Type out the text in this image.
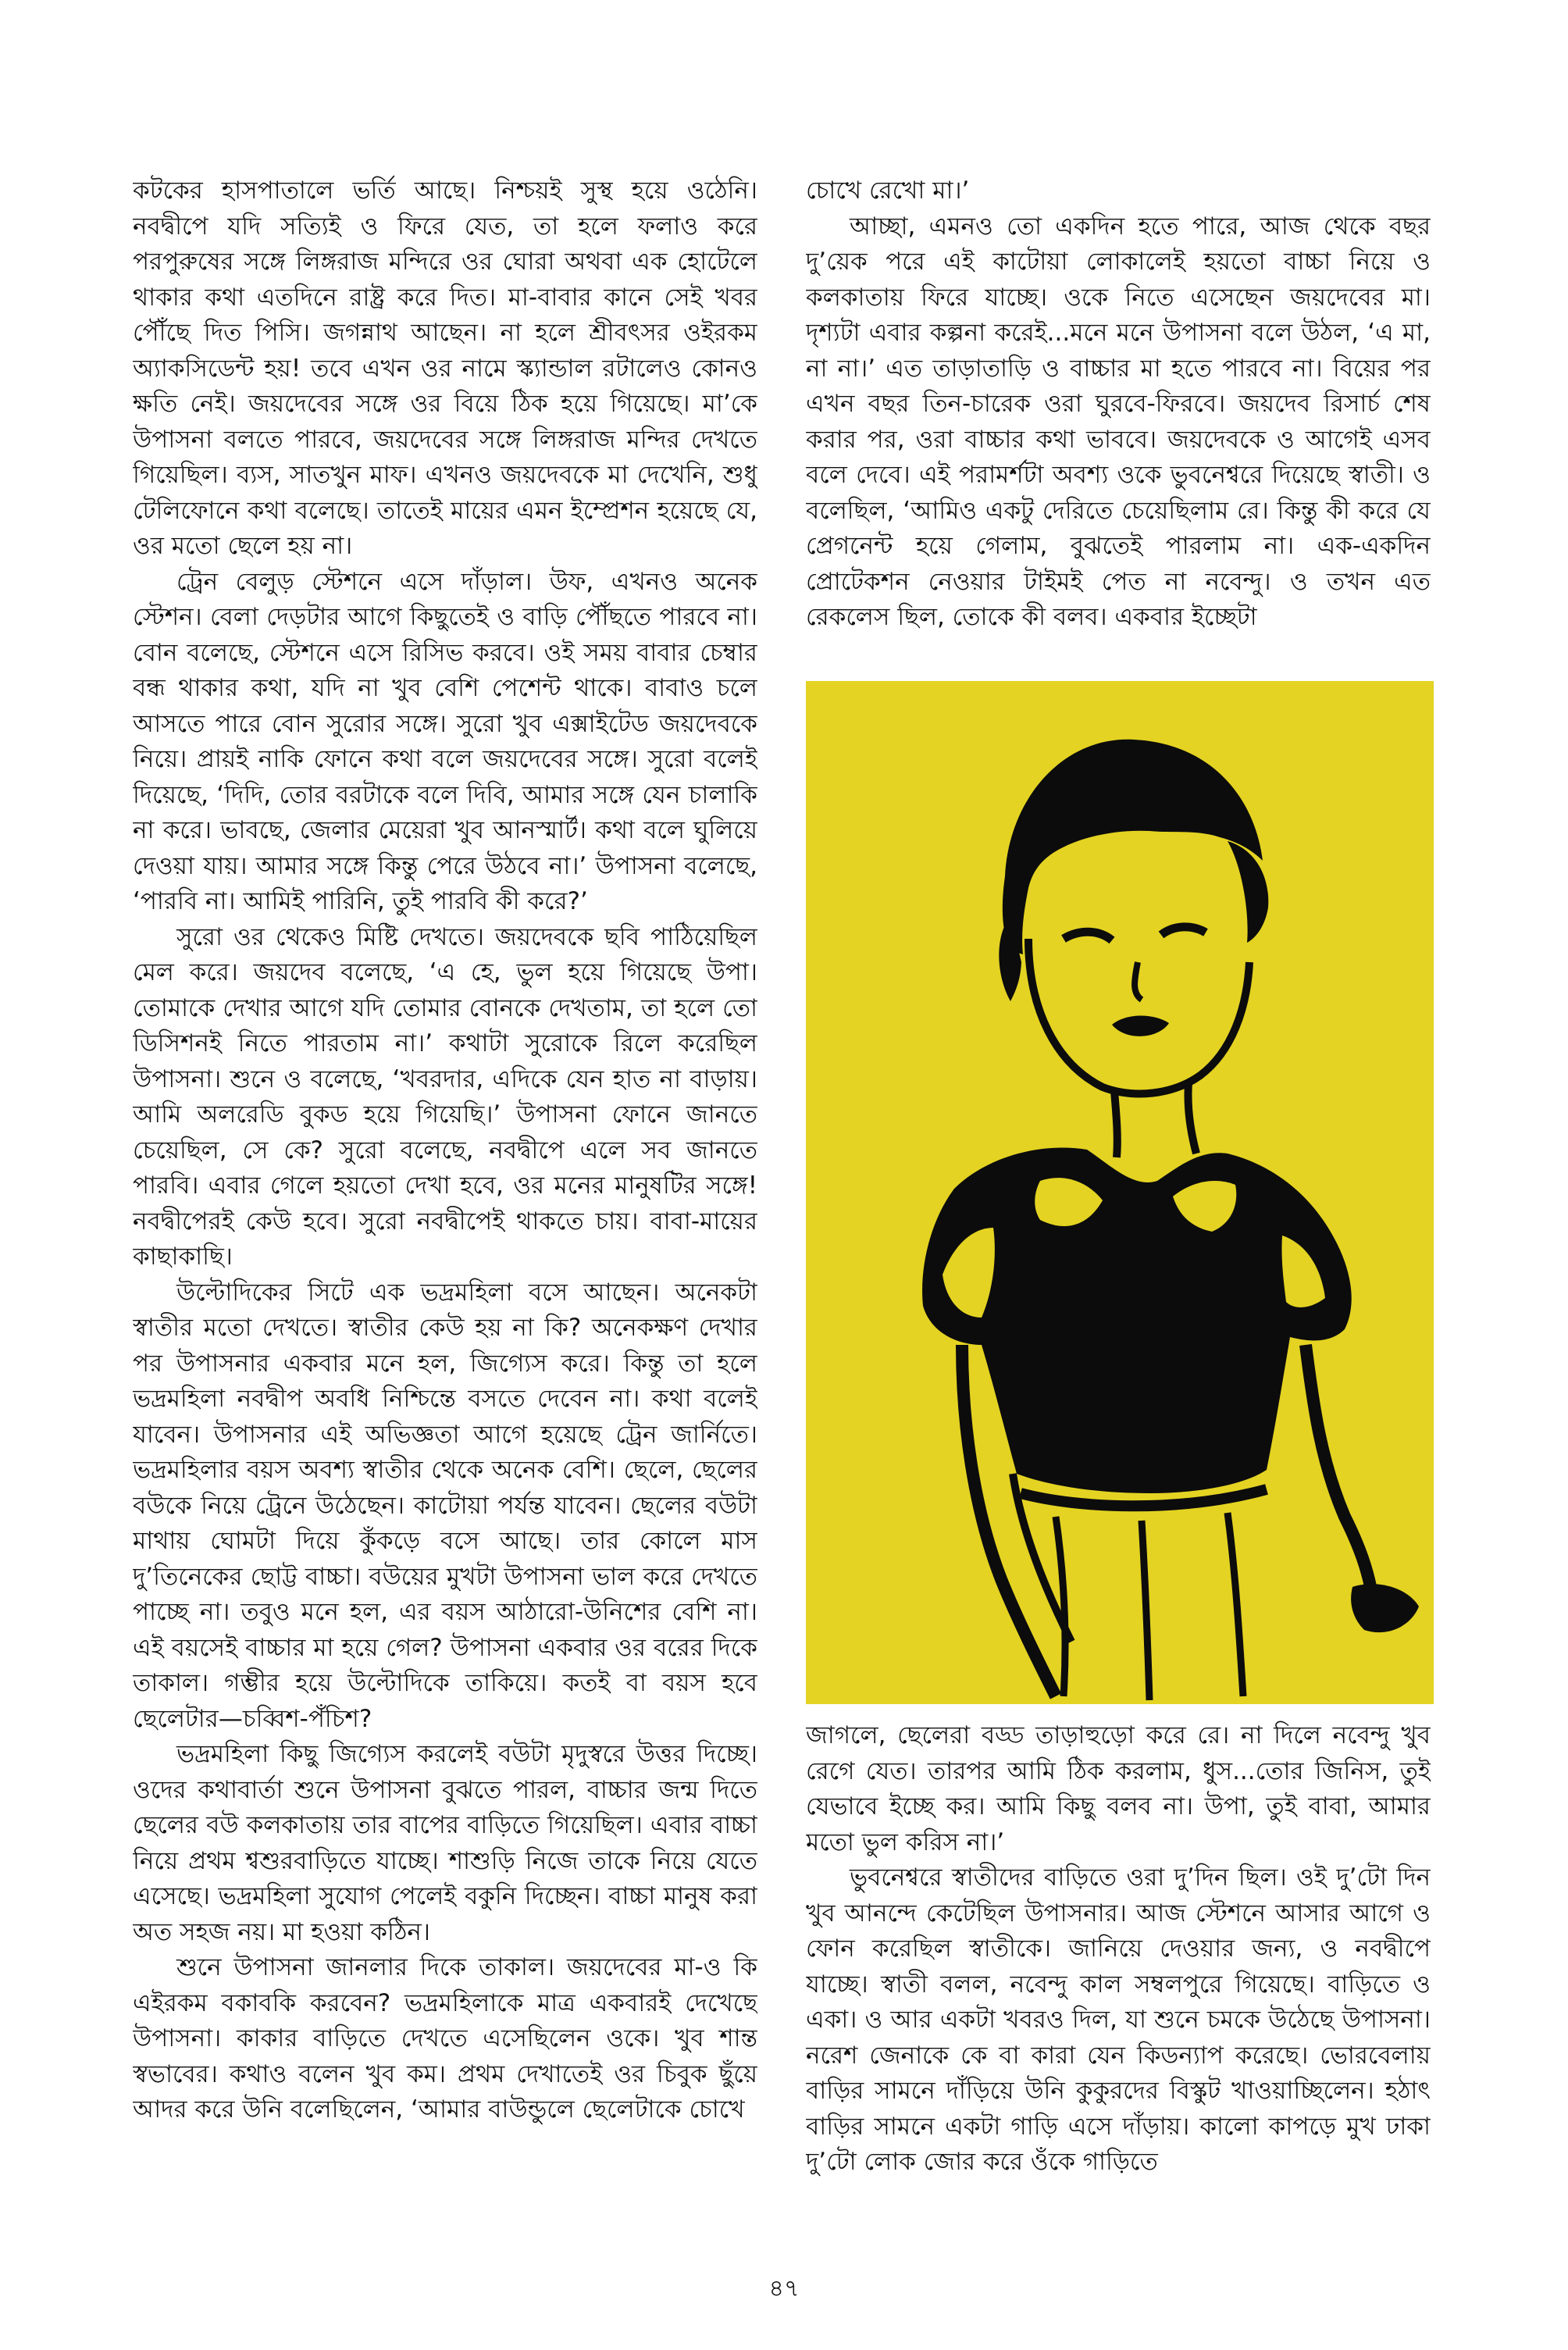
কটকের হাসপাতালে ভর্তি আছে। নিশ্চয়ই সুস্থ হয়ে ওঠেনি। নবদ্বীপে যদি সত্যিই ও ফিরে যেত, তা হলে ফলাও করে পরপুরুষের সঙ্গে লিঙ্গরাজ মন্দিরে ওর ঘোরা অথবা এক হোটেলে থাকার কথা এতদিনে রাষ্ট্র করে দিত। মা-বাবার কানে সেই খবর পৌঁছে দিত পিসি। জগন্নাথ আছেন। না হলে শ্রীবৎসর ওইরকম অ্যাকসিডেন্ট হয়! তবে এখন ওর নামে স্ক্যান্ডাল রটালেও কোনও ক্ষতি নেই। জয়দেবের সঙ্গে ওর বিয়ে ঠিক হয়ে গিয়েছে। মা’কে উপাসনা বলতে পারবে, জয়দেবের সঙ্গে লিঙ্গরাজ মন্দির দেখতে গিয়েছিল। ব্যস, সাতখুন মাফ। এখনও জয়দেবকে মা দেখেনি, শুধু টেলিফোনে কথা বলেছে। তাতেই মায়ের এমন ইম্প্রেশন হয়েছে যে, ওর মতো ছেলে হয় না।

ট্রেন বেলুড় স্টেশনে এসে দাঁড়াল। উফ, এখনও অনেক স্টেশন। বেলা দেড়টার আগে কিছুতেই ও বাড়ি পৌঁছতে পারবে না। বোন বলেছে, স্টেশনে এসে রিসিভ করবে। ওই সময় বাবার চেম্বার বন্ধ থাকার কথা, যদি না খুব বেশি পেশেন্ট থাকে। বাবাও চলে আসতে পারে বোন সুরোর সঙ্গে। সুরো খুব এক্সাইটেড জয়দেবকে নিয়ে। প্রায়ই নাকি ফোনে কথা বলে জয়দেবের সঙ্গে। সুরো বলেই দিয়েছে, ‘দিদি, তোর বরটাকে বলে দিবি, আমার সঙ্গে যেন চালাকি না করে। ভাবছে, জেলার মেয়েরা খুব আনস্মার্ট। কথা বলে ঘুলিয়ে দেওয়া যায়। আমার সঙ্গে কিন্তু পেরে উঠবে না।’ উপাসনা বলেছে, ‘পারবি না। আমিই পারিনি, তুই পারবি কী করে?’

সুরো ওর থেকেও মিষ্টি দেখতে। জয়দেবকে ছবি পাঠিয়েছিল মেল করে। জয়দেব বলেছে, ‘এ হে, ভুল হয়ে গিয়েছে উপা। তোমাকে দেখার আগে যদি তোমার বোনকে দেখতাম, তা হলে তো ডিসিশনই নিতে পারতাম না।’ কথাটা সুরোকে রিলে করেছিল উপাসনা। শুনে ও বলেছে, ‘খবরদার, এদিকে যেন হাত না বাড়ায়। আমি অলরেডি বুকড হয়ে গিয়েছি।’ উপাসনা ফোনে জানতে চেয়েছিল, সে কে? সুরো বলেছে, নবদ্বীপে এলে সব জানতে পারবি। এবার গেলে হয়তো দেখা হবে, ওর মনের মানুষটির সঙ্গে! নবদ্বীপেরই কেউ হবে। সুরো নবদ্বীপেই থাকতে চায়। বাবা-মায়ের কাছাকাছি।

উল্টোদিকের সিটে এক ভদ্রমহিলা বসে আছেন। অনেকটা স্বাতীর মতো দেখতে। স্বাতীর কেউ হয় না কি? অনেকক্ষণ দেখার পর উপাসনার একবার মনে হল, জিগ্যেস করে। কিন্তু তা হলে ভদ্রমহিলা নবদ্বীপ অবধি নিশ্চিন্তে বসতে দেবেন না। কথা বলেই যাবেন। উপাসনার এই অভিজ্ঞতা আগে হয়েছে ট্রেন জার্নিতে। ভদ্রমহিলার বয়স অবশ্য স্বাতীর থেকে অনেক বেশি। ছেলে, ছেলের বউকে নিয়ে ট্রেনে উঠেছেন। কাটোয়া পর্যন্ত যাবেন। ছেলের বউটা মাথায় ঘোমটা দিয়ে কুঁকড়ে বসে আছে। তার কোলে মাস দু’তিনেকের ছোট্ট বাচ্চা। বউয়ের মুখটা উপাসনা ভাল করে দেখতে পাচ্ছে না। তবুও মনে হল, এর বয়স আঠারো-উনিশের বেশি না। এই বয়সেই বাচ্চার মা হয়ে গেল? উপাসনা একবার ওর বরের দিকে তাকাল। গম্ভীর হয়ে উল্টোদিকে তাকিয়ে। কতই বা বয়স হবে ছেলেটার—চব্বিশ-পঁচিশ?

ভদ্রমহিলা কিছু জিগ্যেস করলেই বউটা মৃদুস্বরে উত্তর দিচ্ছে। ওদের কথাবার্তা শুনে উপাসনা বুঝতে পারল, বাচ্চার জন্ম দিতে ছেলের বউ কলকাতায় তার বাপের বাড়িতে গিয়েছিল। এবার বাচ্চা নিয়ে প্রথম শ্বশুরবাড়িতে যাচ্ছে। শাশুড়ি নিজে তাকে নিয়ে যেতে এসেছে। ভদ্রমহিলা সুযোগ পেলেই বকুনি দিচ্ছেন। বাচ্চা মানুষ করা অত সহজ নয়। মা হওয়া কঠিন।

শুনে উপাসনা জানলার দিকে তাকাল। জয়দেবের মা-ও কি এইরকম বকাবকি করবেন? ভদ্রমহিলাকে মাত্র একবারই দেখেছে উপাসনা। কাকার বাড়িতে দেখতে এসেছিলেন ওকে। খুব শান্ত স্বভাবের। কথাও বলেন খুব কম। প্রথম দেখাতেই ওর চিবুক ছুঁয়ে আদর করে উনি বলেছিলেন, ‘আমার বাউন্ডুলে ছেলেটাকে চোখে

চোখে রেখো মা।’

আচ্ছা, এমনও তো একদিন হতে পারে, আজ থেকে বছর দু’য়েক পরে এই কাটোয়া লোকালেই হয়তো বাচ্চা নিয়ে ও কলকাতায় ফিরে যাচ্ছে। ওকে নিতে এসেছেন জয়দেবের মা। দৃশ্যটা এবার কল্পনা করেই...মনে মনে উপাসনা বলে উঠল, ‘এ মা, না না।’ এত তাড়াতাড়ি ও বাচ্চার মা হতে পারবে না। বিয়ের পর এখন বছর তিন-চারেক ওরা ঘুরবে-ফিরবে। জয়দেব রিসার্চ শেষ করার পর, ওরা বাচ্চার কথা ভাববে। জয়দেবকে ও আগেই এসব বলে দেবে। এই পরামর্শটা অবশ্য ওকে ভুবনেশ্বরে দিয়েছে স্বাতী। ও বলেছিল, ‘আমিও একটু দেরিতে চেয়েছিলাম রে। কিন্তু কী করে যে প্রেগনেন্ট হয়ে গেলাম, বুঝতেই পারলাম না। এক-একদিন প্রোটেকশন নেওয়ার টাইমই পেত না নবেন্দু। ও তখন এত রেকলেস ছিল, তোকে কী বলব। একবার ইচ্ছেটা

জাগলে, ছেলেরা বড্ড তাড়াহুড়ো করে রে। না দিলে নবেন্দু খুব রেগে যেত। তারপর আমি ঠিক করলাম, ধুস...তোর জিনিস, তুই যেভাবে ইচ্ছে কর। আমি কিছু বলব না। উপা, তুই বাবা, আমার মতো ভুল করিস না।’

ভুবনেশ্বরে স্বাতীদের বাড়িতে ওরা দু’দিন ছিল। ওই দু’টো দিন খুব আনন্দে কেটেছিল উপাসনার। আজ স্টেশনে আসার আগে ও ফোন করেছিল স্বাতীকে। জানিয়ে দেওয়ার জন্য, ও নবদ্বীপে যাচ্ছে। স্বাতী বলল, নবেন্দু কাল সম্বলপুরে গিয়েছে। বাড়িতে ও একা। ও আর একটা খবরও দিল, যা শুনে চমকে উঠেছে উপাসনা। নরেশ জেনাকে কে বা কারা যেন কিডন্যাপ করেছে। ভোরবেলায় বাড়ির সামনে দাঁড়িয়ে উনি কুকুরদের বিস্কুট খাওয়াচ্ছিলেন। হঠাৎ বাড়ির সামনে একটা গাড়ি এসে দাঁড়ায়। কালো কাপড়ে মুখ ঢাকা দু’টো লোক জোর করে ওঁকে গাড়িতে

৪৭
